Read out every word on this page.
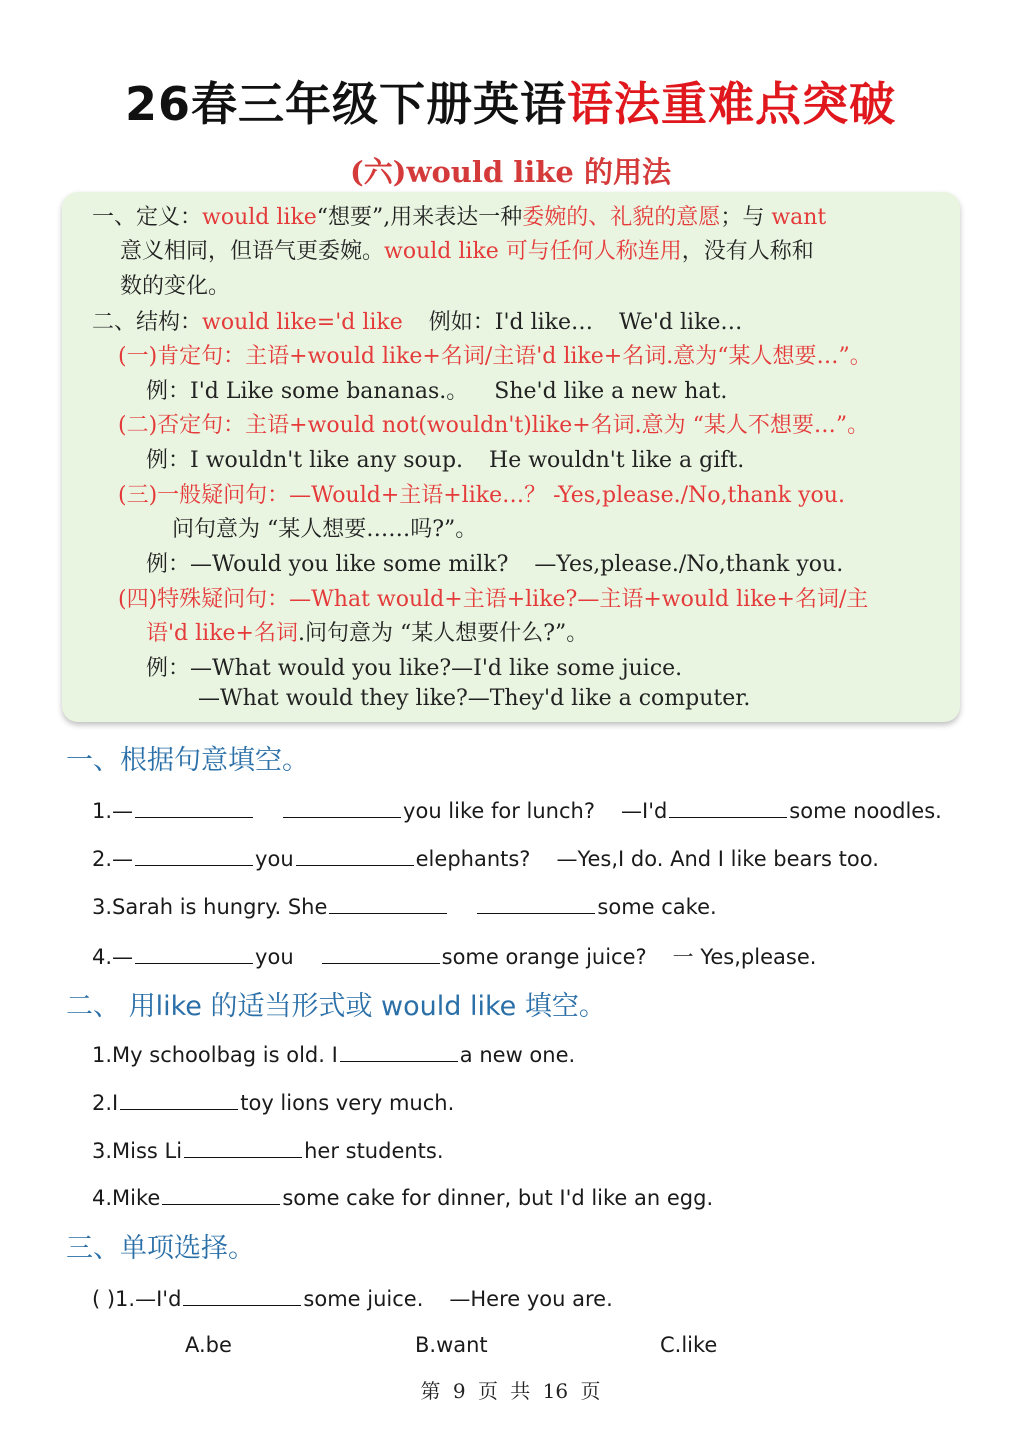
26春三年级下册英语语法重难点突破
(六)would like 的用法
一、定义：would like“想要”,用来表达一种委婉的、礼貌的意愿；与 want
意义相同，但语气更委婉。would like 可与任何人称连用，没有人称和
数的变化。
二、结构：would like='d like 例如：I'd like… We'd like…
(一)肯定句：主语+would like+名词/主语'd like+名词.意为“某人想要…”。
例：I'd Like some bananas.。 She'd like a new hat.
(二)否定句：主语+would not(wouldn't)like+名词.意为 “某人不想要…”。
例：I wouldn't like any soup. He wouldn't like a gift.
(三)一般疑问句：—Would+主语+like…？ -Yes,please./No,thank you.
问句意为 “某人想要……吗?”。
例：—Would you like some milk? —Yes,please./No,thank you.
(四)特殊疑问句：—What would+主语+like?—主语+would like+名词/主
语'd like+名词.问句意为 “某人想要什么?”。
例：—What would you like?—I'd like some juice.
—What would they like?—They'd like a computer.
一、根据句意填空。
1.—	you like for lunch? —I'd	some noodles.
2.—	you	elephants? —Yes,I do. And I like bears too.
3.Sarah is hungry. She	some cake.
4.—	you	some orange juice? 一 Yes,please.
二、 用like 的适当形式或 would like 填空。
1.My schoolbag is old. I	a new one.
2.I	toy lions very much.
3.Miss Li	her students.
4.Mike	some cake for dinner, but I'd like an egg.
三、单项选择。
( )1.—I'd	some juice. —Here you are.
A.be	B.want	C.like
第 9 页 共 16 页
